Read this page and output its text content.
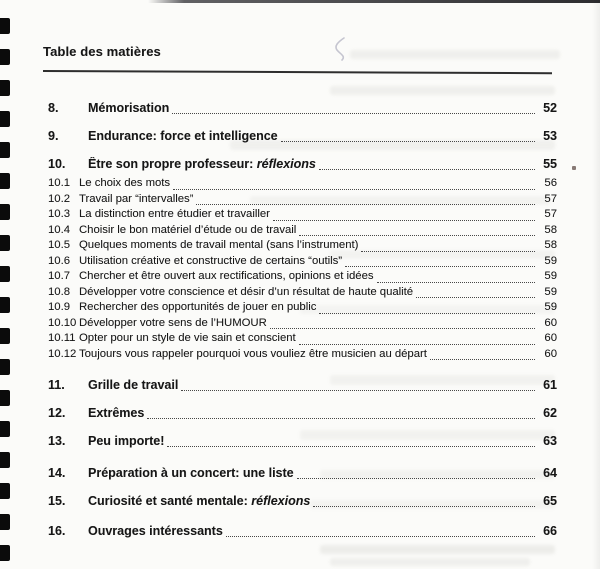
Table des matières
8.	Mémorisation	52
9.	Endurance: force et intelligence	53
10.	Être son propre professeur: réflexions	55
10.1 Le choix des mots	56
10.2 Travail par “intervalles”	57
10.3 La distinction entre étudier et travailler	57
10.4 Choisir le bon matériel d’étude ou de travail	58
10.5 Quelques moments de travail mental (sans l’instrument)	58
10.6 Utilisation créative et constructive de certains “outils”	59
10.7 Chercher et être ouvert aux rectifications, opinions et idées	59
10.8 Développer votre conscience et désir d’un résultat de haute qualité	59
10.9 Rechercher des opportunités de jouer en public	59
10.10 Développer votre sens de l’HUMOUR	60
10.11 Opter pour un style de vie sain et conscient	60
10.12 Toujours vous rappeler pourquoi vous vouliez être musicien au départ	60
11.	Grille de travail	61
12.	Extrêmes	62
13.	Peu importe!	63
14.	Préparation à un concert: une liste	64
15.	Curiosité et santé mentale: réflexions	65
16.	Ouvrages intéressants	66
